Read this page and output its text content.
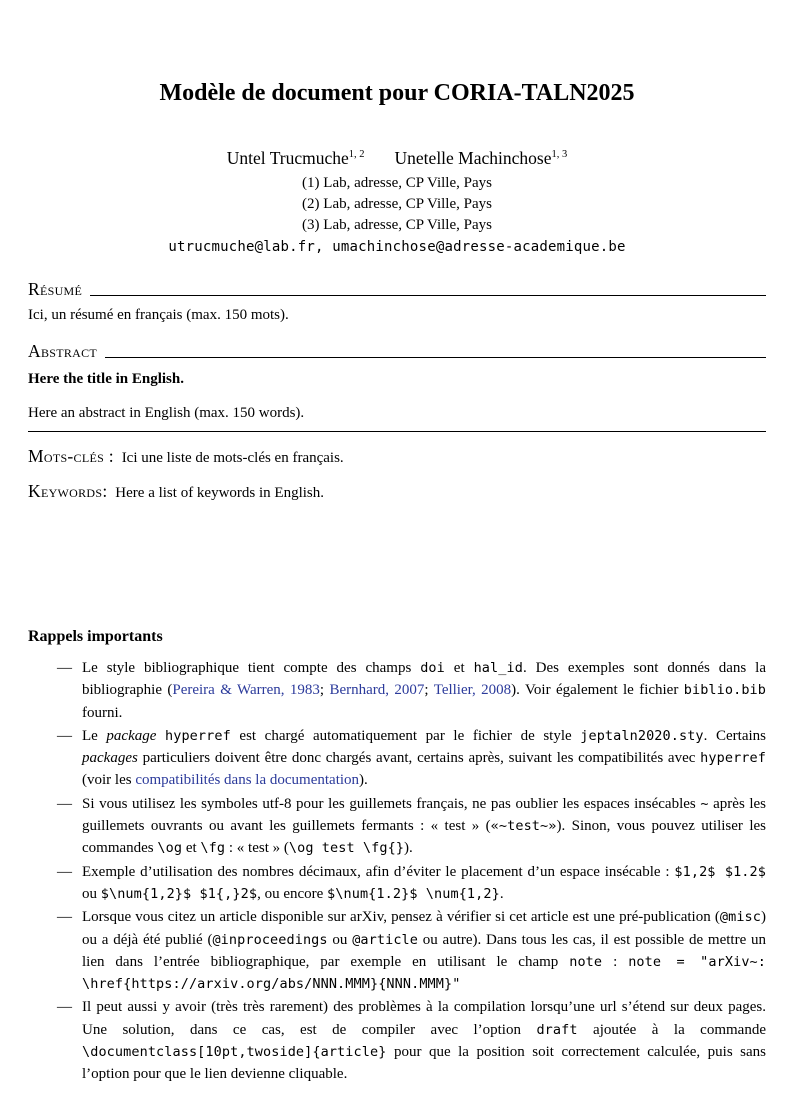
Modèle de document pour CORIA-TALN2025
Untel Trucmuche$^{1, 2}$ Unetelle Machinchose$^{1, 3}$
(1) Lab, adresse, CP Ville, Pays
(2) Lab, adresse, CP Ville, Pays
(3) Lab, adresse, CP Ville, Pays
utrucmuche@lab.fr, umachinchose@adresse-academique.be
Résumé

Ici, un résumé en français (max. 150 mots).

Abstract

Here the title in English.

Here an abstract in English (max. 150 words).

Mots-clés : Ici une liste de mots-clés en français.

Keywords: Here a list of keywords in English.

Rappels importants
— Le style bibliographique tient compte des champs doi et hal_id. Des exemples sont donnés dans la bibliographie (Pereira & Warren, 1983; Bernhard, 2007; Tellier, 2008). Voir également le fichier biblio.bib fourni.
— Le package hyperref est chargé automatiquement par le fichier de style jeptaln2020.sty. Certains packages particuliers doivent être donc chargés avant, certains après, suivant les compatibilités avec hyperref (voir les compatibilités dans la documentation).
— Si vous utilisez les symboles utf-8 pour les guillemets français, ne pas oublier les espaces insécables ~ après les guillemets ouvrants ou avant les guillemets fermants : « test » («~test~»). Sinon, vous pouvez utiliser les commandes \og et \fg : « test » (\og test \fg{}).
— Exemple d’utilisation des nombres décimaux, afin d’éviter le placement d’un espace insécable : $1,2$ $1.2$ ou $\num{1,2}$ $1{,}2$, ou encore $\num{1.2}$ \num{1,2}.
— Lorsque vous citez un article disponible sur arXiv, pensez à vérifier si cet article est une pré-publication (@misc) ou a déjà été publié (@inproceedings ou @article ou autre). Dans tous les cas, il est possible de mettre un lien dans l’entrée bibliographique, par exemple en utilisant le champ note : note = "arXiv~: \href{https://arxiv.org/abs/NNN.MMM}{NNN.MMM}"
— Il peut aussi y avoir (très très rarement) des problèmes à la compilation lorsqu’une url s’étend sur deux pages. Une solution, dans ce cas, est de compiler avec l’option draft ajoutée à la commande \documentclass[10pt,twoside]{article} pour que la position soit correctement calculée, puis sans l’option pour que le lien devienne cliquable.
